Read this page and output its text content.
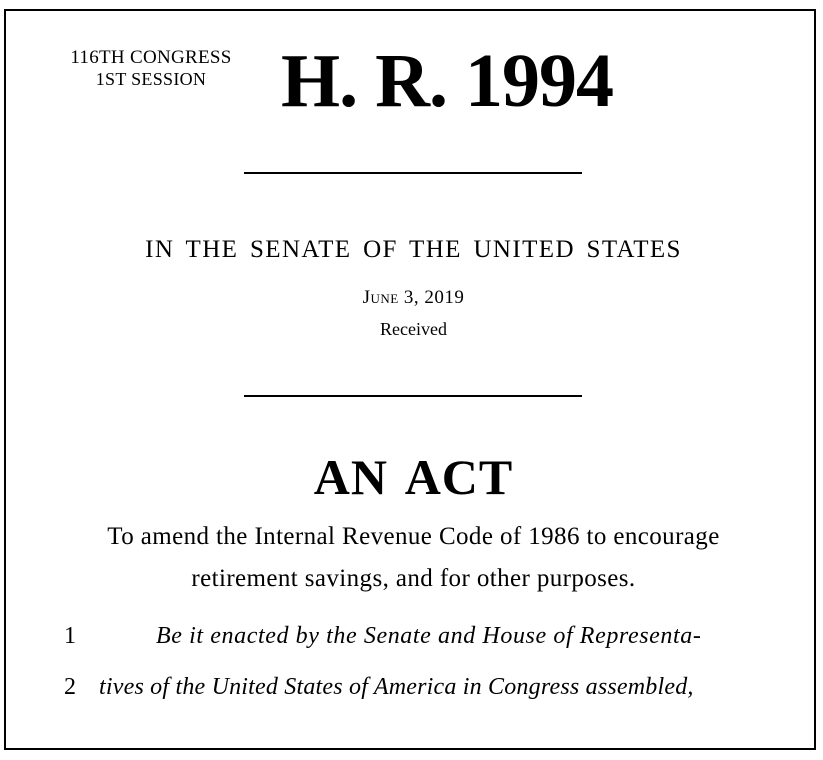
116TH CONGRESS
1ST SESSION H. R. 1994
IN THE SENATE OF THE UNITED STATES
June 3, 2019
Received
AN ACT
To amend the Internal Revenue Code of 1986 to encourage
retirement savings, and for other purposes.
1	Be it enacted by the Senate and House of Representa-
2 tives of the United States of America in Congress assembled,
